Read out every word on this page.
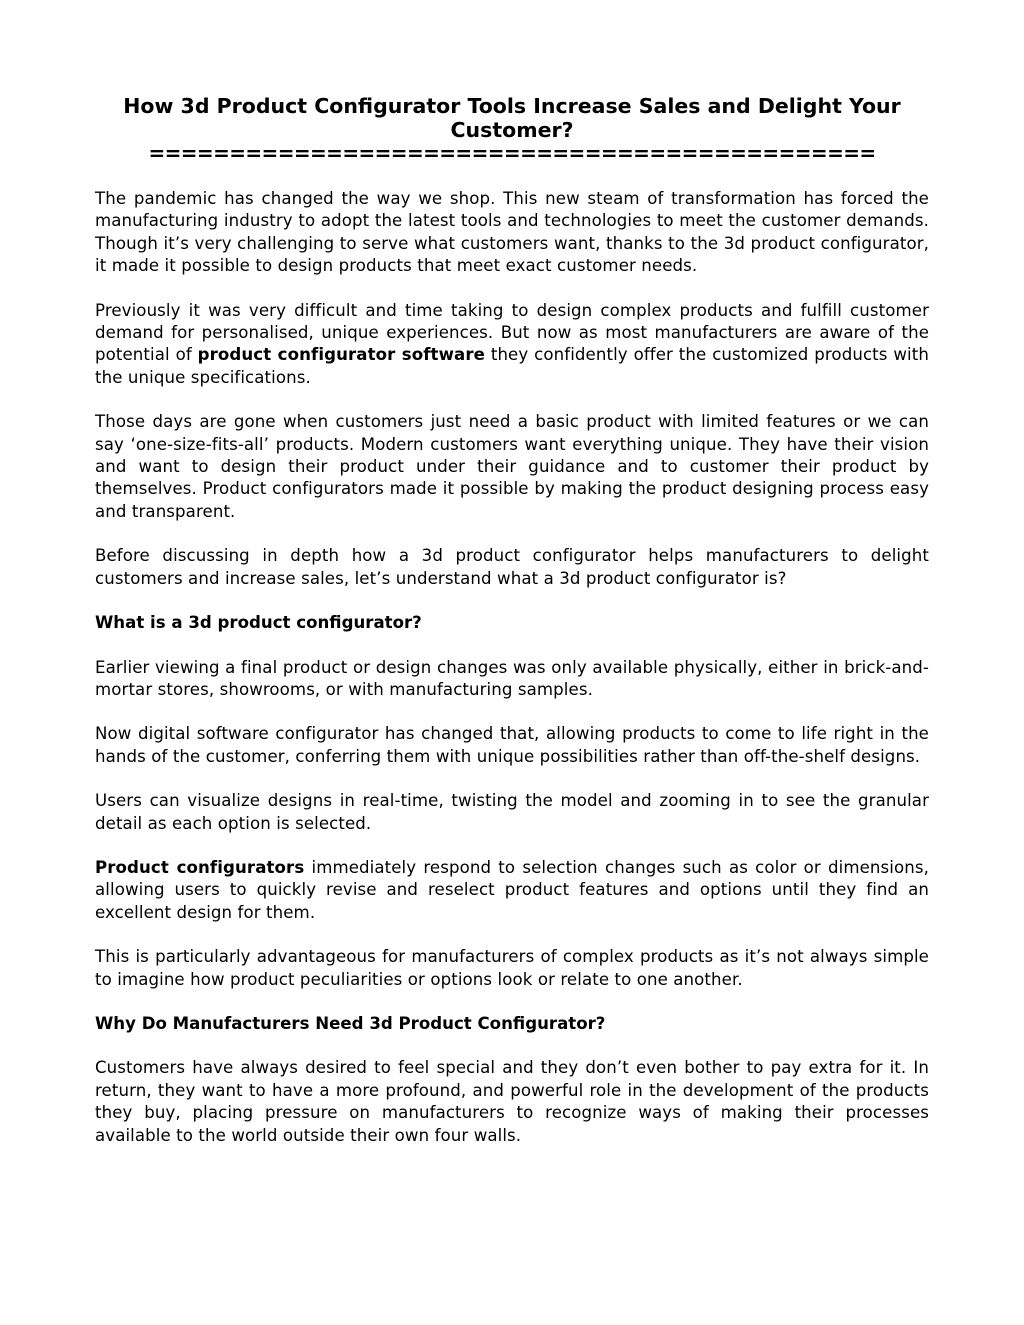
How 3d Product Configurator Tools Increase Sales and Delight Your Customer?
=============================================

The pandemic has changed the way we shop. This new steam of transformation has forced the manufacturing industry to adopt the latest tools and technologies to meet the customer demands. Though it’s very challenging to serve what customers want, thanks to the 3d product configurator, it made it possible to design products that meet exact customer needs.

Previously it was very difficult and time taking to design complex products and fulfill customer demand for personalised, unique experiences. But now as most manufacturers are aware of the potential of product configurator software they confidently offer the customized products with the unique specifications.

Those days are gone when customers just need a basic product with limited features or we can say ‘one-size-fits-all’ products. Modern customers want everything unique. They have their vision and want to design their product under their guidance and to customer their product by themselves. Product configurators made it possible by making the product designing process easy and transparent.

Before discussing in depth how a 3d product configurator helps manufacturers to delight customers and increase sales, let’s understand what a 3d product configurator is?

What is a 3d product configurator?

Earlier viewing a final product or design changes was only available physically, either in brick-and-mortar stores, showrooms, or with manufacturing samples.

Now digital software configurator has changed that, allowing products to come to life right in the hands of the customer, conferring them with unique possibilities rather than off-the-shelf designs.

Users can visualize designs in real-time, twisting the model and zooming in to see the granular detail as each option is selected.

Product configurators immediately respond to selection changes such as color or dimensions, allowing users to quickly revise and reselect product features and options until they find an excellent design for them.

This is particularly advantageous for manufacturers of complex products as it’s not always simple to imagine how product peculiarities or options look or relate to one another.

Why Do Manufacturers Need 3d Product Configurator?

Customers have always desired to feel special and they don’t even bother to pay extra for it. In return, they want to have a more profound, and powerful role in the development of the products they buy, placing pressure on manufacturers to recognize ways of making their processes available to the world outside their own four walls.
